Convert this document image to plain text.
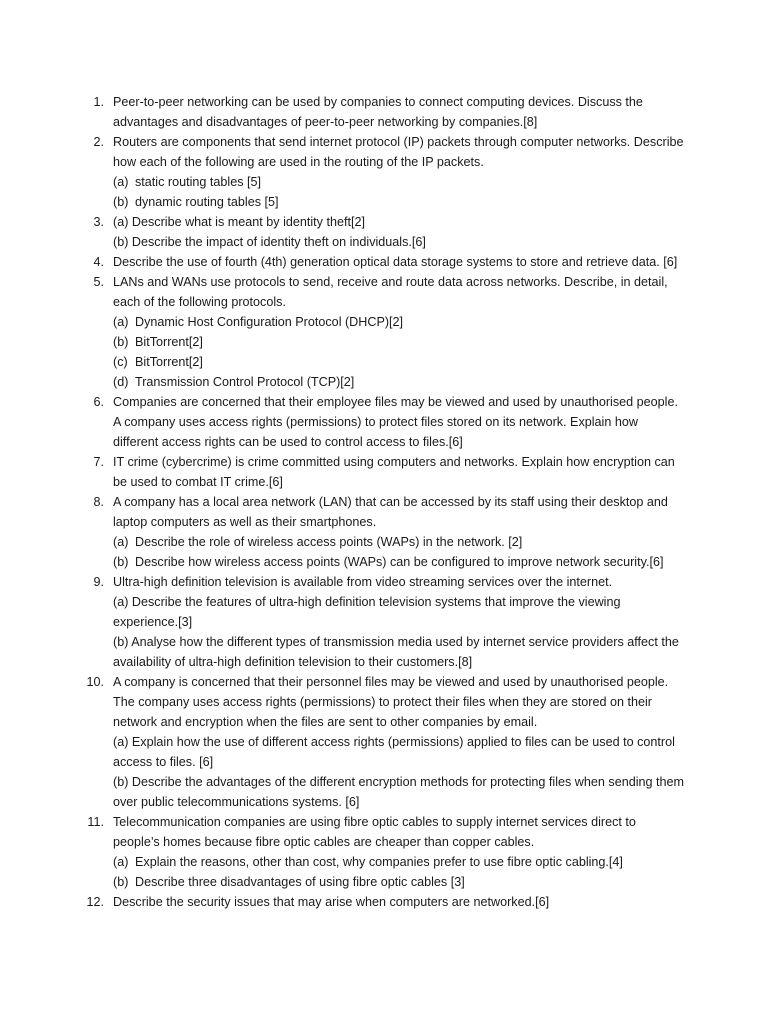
1. Peer-to-peer networking can be used by companies to connect computing devices. Discuss the advantages and disadvantages of peer-to-peer networking by companies.[8]
2. Routers are components that send internet protocol (IP) packets through computer networks. Describe how each of the following are used in the routing of the IP packets.
(a) static routing tables [5]
(b) dynamic routing tables [5]
3. (a) Describe what is meant by identity theft[2]
(b) Describe the impact of identity theft on individuals.[6]
4. Describe the use of fourth (4th) generation optical data storage systems to store and retrieve data. [6]
5. LANs and WANs use protocols to send, receive and route data across networks. Describe, in detail, each of the following protocols.
(a) Dynamic Host Configuration Protocol (DHCP)[2]
(b) BitTorrent[2]
(c) BitTorrent[2]
(d) Transmission Control Protocol (TCP)[2]
6. Companies are concerned that their employee files may be viewed and used by unauthorised people. A company uses access rights (permissions) to protect files stored on its network. Explain how different access rights can be used to control access to files.[6]
7. IT crime (cybercrime) is crime committed using computers and networks. Explain how encryption can be used to combat IT crime.[6]
8. A company has a local area network (LAN) that can be accessed by its staff using their desktop and laptop computers as well as their smartphones.
(a) Describe the role of wireless access points (WAPs) in the network. [2]
(b) Describe how wireless access points (WAPs) can be configured to improve network security.[6]
9. Ultra-high definition television is available from video streaming services over the internet.
(a) Describe the features of ultra-high definition television systems that improve the viewing experience.[3]
(b) Analyse how the different types of transmission media used by internet service providers affect the availability of ultra-high definition television to their customers.[8]
10. A company is concerned that their personnel files may be viewed and used by unauthorised people. The company uses access rights (permissions) to protect their files when they are stored on their network and encryption when the files are sent to other companies by email.
(a) Explain how the use of different access rights (permissions) applied to files can be used to control access to files. [6]
(b) Describe the advantages of the different encryption methods for protecting files when sending them over public telecommunications systems. [6]
11. Telecommunication companies are using fibre optic cables to supply internet services direct to people’s homes because fibre optic cables are cheaper than copper cables.
(a) Explain the reasons, other than cost, why companies prefer to use fibre optic cabling.[4]
(b) Describe three disadvantages of using fibre optic cables [3]
12. Describe the security issues that may arise when computers are networked.[6]
